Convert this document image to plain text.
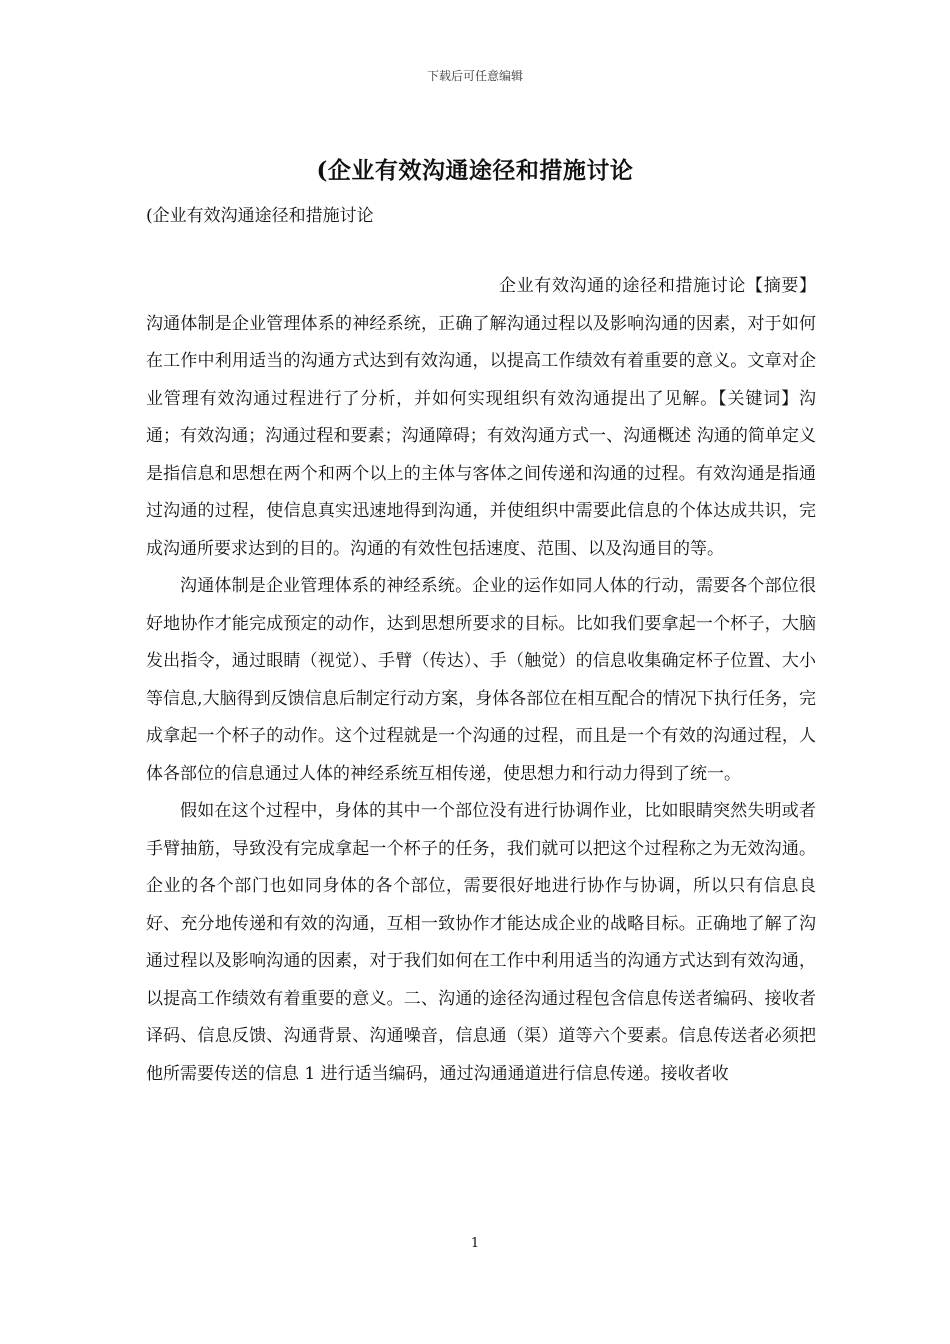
下载后可任意编辑
(企业有效沟通途径和措施讨论
(企业有效沟通途径和措施讨论

企业有效沟通的途径和措施讨论【摘要】沟通体制是企业管理体系的神经系统，正确了解沟通过程以及影响沟通的因素，对于如何在工作中利用适当的沟通方式达到有效沟通，以提高工作绩效有着重要的意义。文章对企业管理有效沟通过程进行了分析，并如何实现组织有效沟通提出了见解。【关键词】沟通；有效沟通；沟通过程和要素；沟通障碍；有效沟通方式一、沟通概述 沟通的简单定义是指信息和思想在两个和两个以上的主体与客体之间传递和沟通的过程。有效沟通是指通过沟通的过程，使信息真实迅速地得到沟通，并使组织中需要此信息的个体达成共识，完成沟通所要求达到的目的。沟通的有效性包括速度、范围、以及沟通目的等。

沟通体制是企业管理体系的神经系统。企业的运作如同人体的行动，需要各个部位很好地协作才能完成预定的动作，达到思想所要求的目标。比如我们要拿起一个杯子，大脑发出指令，通过眼睛（视觉）、手臂（传达）、手（触觉）的信息收集确定杯子位置、大小等信息,大脑得到反馈信息后制定行动方案，身体各部位在相互配合的情况下执行任务，完成拿起一个杯子的动作。这个过程就是一个沟通的过程，而且是一个有效的沟通过程，人体各部位的信息通过人体的神经系统互相传递，使思想力和行动力得到了统一。

假如在这个过程中，身体的其中一个部位没有进行协调作业，比如眼睛突然失明或者手臂抽筋，导致没有完成拿起一个杯子的任务，我们就可以把这个过程称之为无效沟通。企业的各个部门也如同身体的各个部位，需要很好地进行协作与协调，所以只有信息良好、充分地传递和有效的沟通，互相一致协作才能达成企业的战略目标。正确地了解了沟通过程以及影响沟通的因素，对于我们如何在工作中利用适当的沟通方式达到有效沟通，以提高工作绩效有着重要的意义。二、沟通的途径沟通过程包含信息传送者编码、接收者译码、信息反馈、沟通背景、沟通噪音，信息通（渠）道等六个要素。信息传送者必须把他所需要传送的信息 1 进行适当编码，通过沟通通道进行信息传递。接收者收

1
